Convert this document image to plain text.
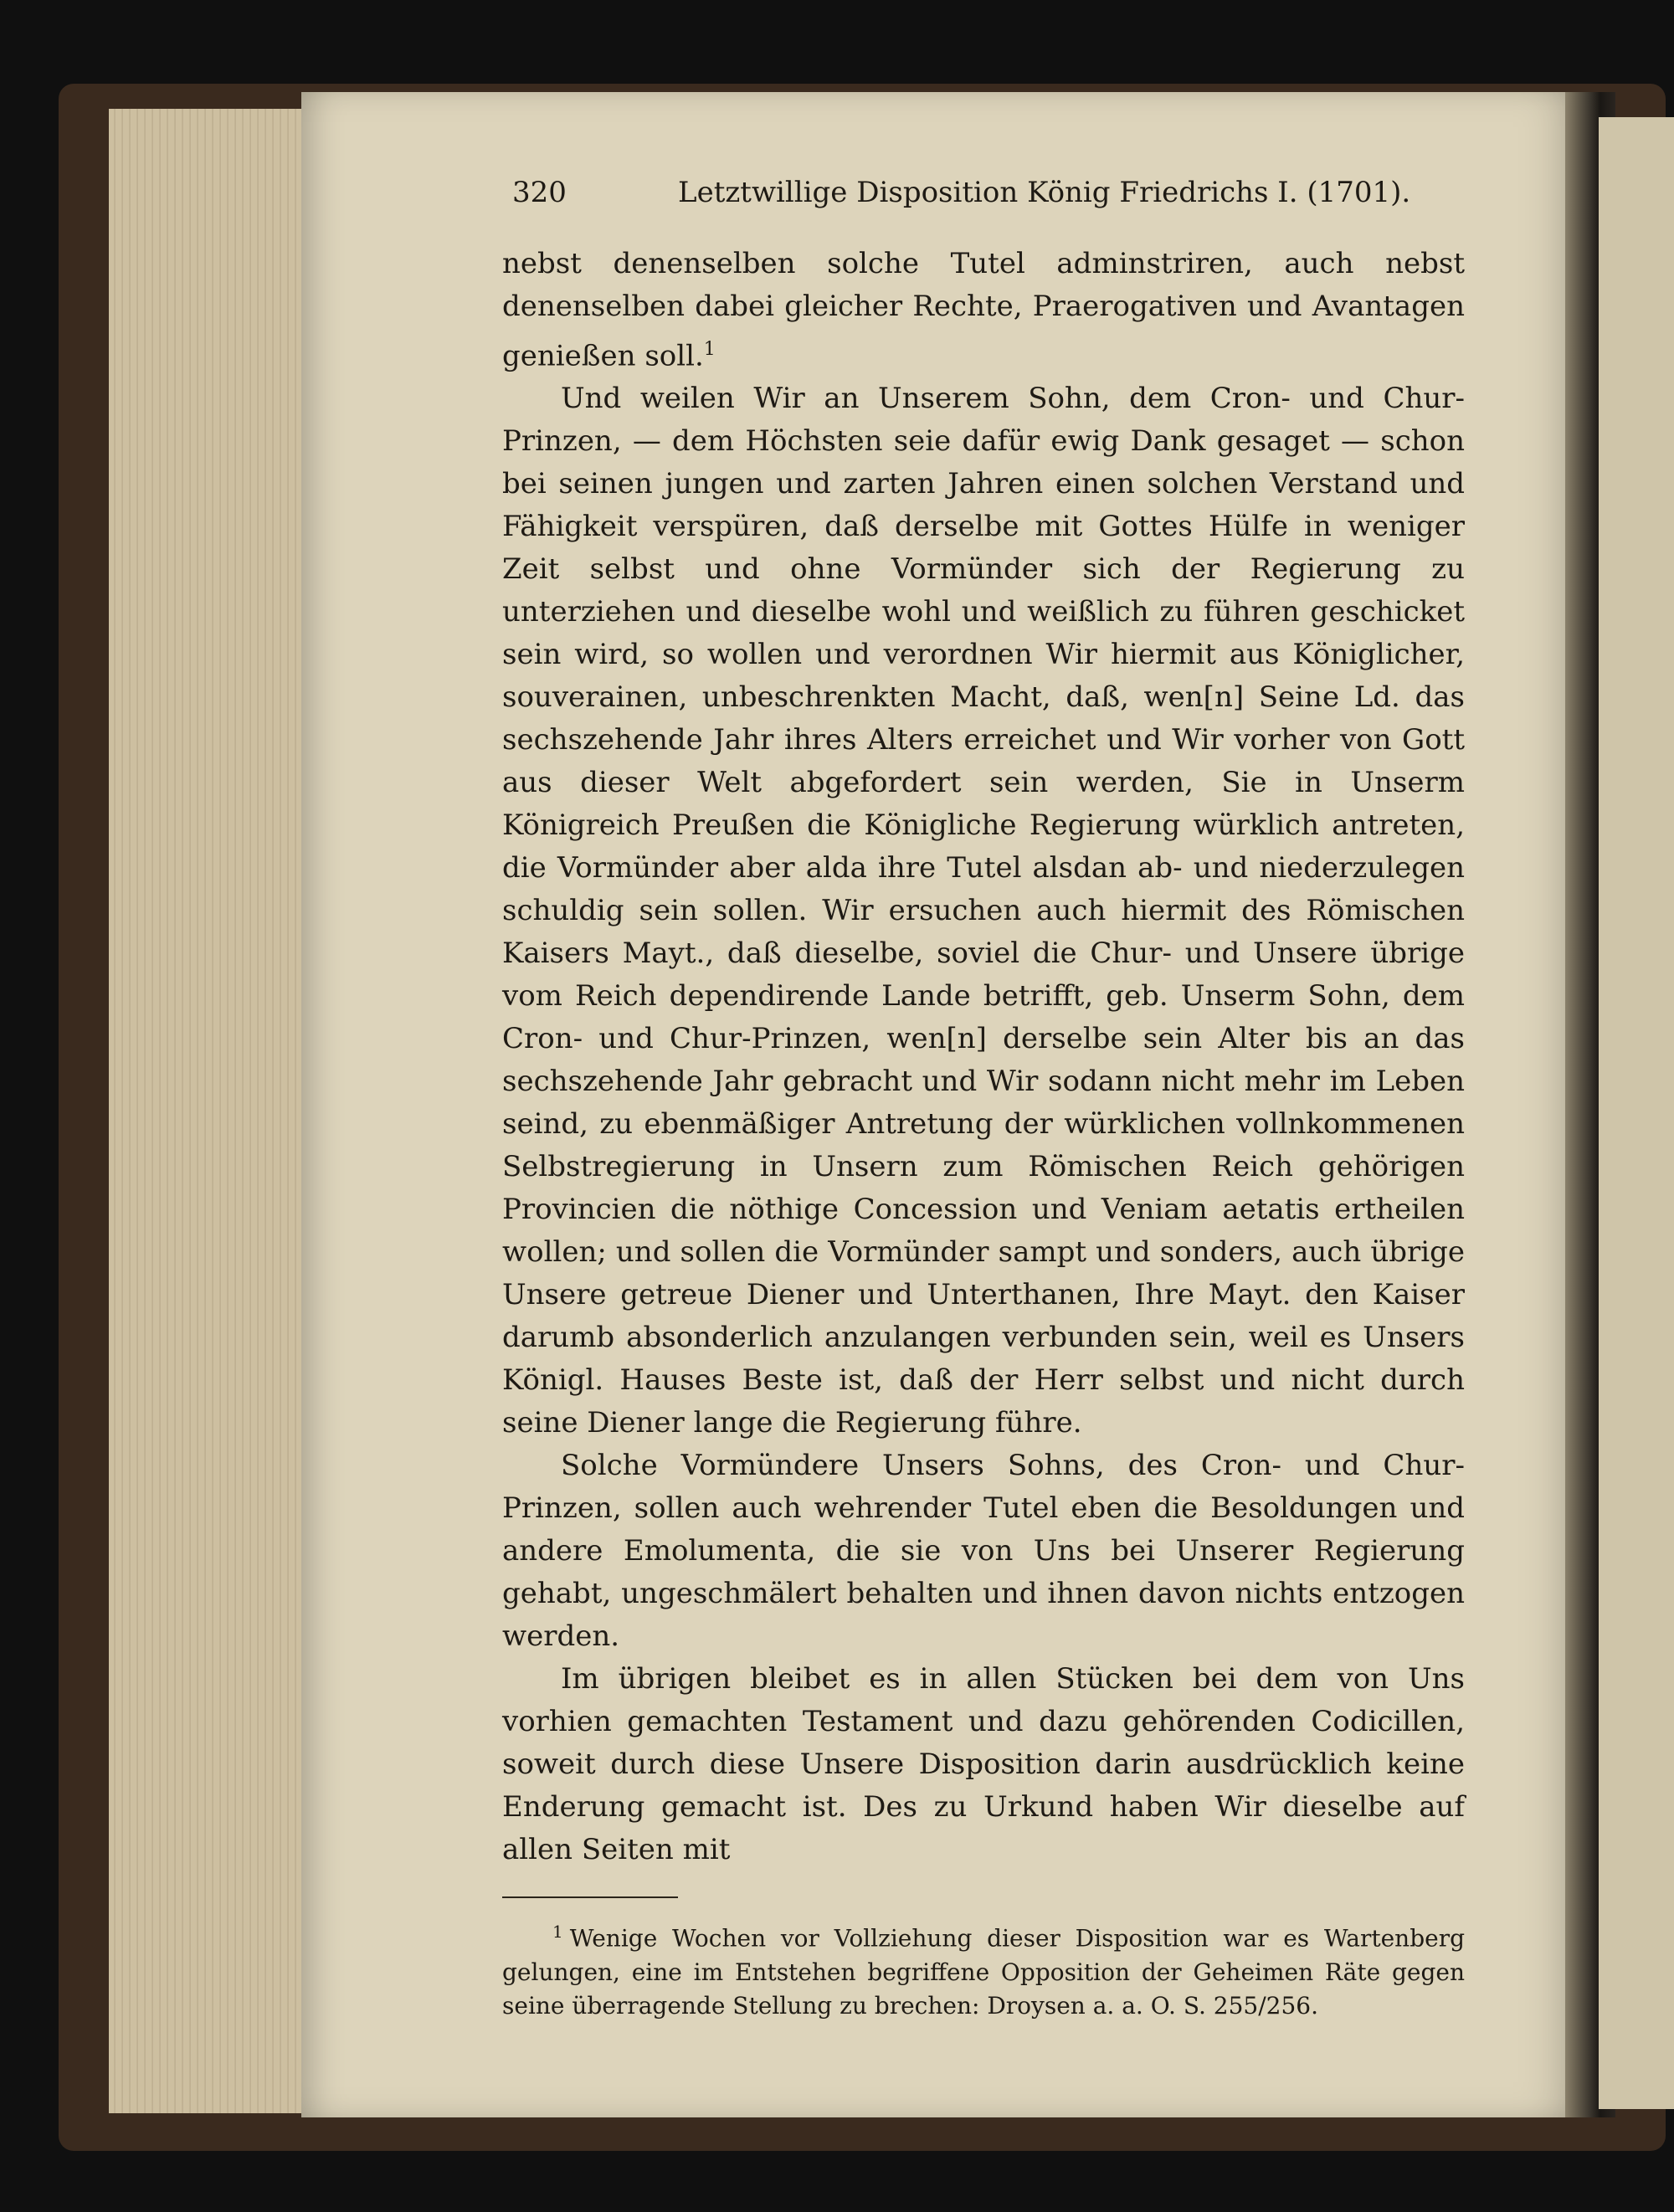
320	Letztwillige Disposition König Friedrichs I. (1701).

nebst denenselben solche Tutel adminstriren, auch nebst denenselben dabei gleicher Rechte, Praerogativen und Avantagen genießen soll.$^1$

Und weilen Wir an Unserem Sohn, dem Cron- und Chur-Prinzen, — dem Höchsten seie dafür ewig Dank gesaget — schon bei seinen jungen und zarten Jahren einen solchen Verstand und Fähigkeit verspüren, daß derselbe mit Gottes Hülfe in weniger Zeit selbst und ohne Vormünder sich der Regierung zu unterziehen und dieselbe wohl und weißlich zu führen geschicket sein wird, so wollen und verordnen Wir hiermit aus Königlicher, souverainen, unbeschrenkten Macht, daß, wen[n] Seine Ld. das sechszehende Jahr ihres Alters erreichet und Wir vorher von Gott aus dieser Welt abgefordert sein werden, Sie in Unserm Königreich Preußen die Königliche Regierung würklich antreten, die Vormünder aber alda ihre Tutel alsdan ab- und niederzulegen schuldig sein sollen. Wir ersuchen auch hiermit des Römischen Kaisers Mayt., daß dieselbe, soviel die Chur- und Unsere übrige vom Reich dependirende Lande betrifft, geb. Unserm Sohn, dem Cron- und Chur-Prinzen, wen[n] derselbe sein Alter bis an das sechszehende Jahr gebracht und Wir sodann nicht mehr im Leben seind, zu ebenmäßiger Antretung der würklichen vollnkommenen Selbstregierung in Unsern zum Römischen Reich gehörigen Provincien die nöthige Concession und Veniam aetatis ertheilen wollen; und sollen die Vormünder sampt und sonders, auch übrige Unsere getreue Diener und Unterthanen, Ihre Mayt. den Kaiser darumb absonderlich anzulangen verbunden sein, weil es Unsers Königl. Hauses Beste ist, daß der Herr selbst und nicht durch seine Diener lange die Regierung führe.

Solche Vormündere Unsers Sohns, des Cron- und Chur-Prinzen, sollen auch wehrender Tutel eben die Besoldungen und andere Emolumenta, die sie von Uns bei Unserer Regierung gehabt, ungeschmälert behalten und ihnen davon nichts entzogen werden.

Im übrigen bleibet es in allen Stücken bei dem von Uns vorhien gemachten Testament und dazu gehörenden Codicillen, soweit durch diese Unsere Disposition darin ausdrücklich keine Enderung gemacht ist. Des zu Urkund haben Wir dieselbe auf allen Seiten mit

$^1$ Wenige Wochen vor Vollziehung dieser Disposition war es Wartenberg gelungen, eine im Entstehen begriffene Opposition der Geheimen Räte gegen seine überragende Stellung zu brechen: Droysen a. a. O. S. 255/256.
